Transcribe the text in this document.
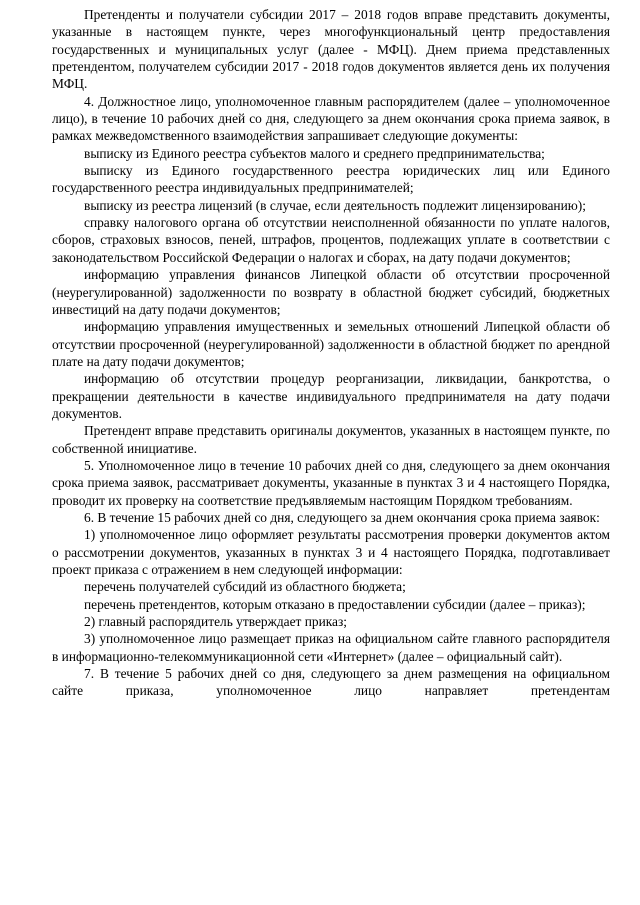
Претенденты и получатели субсидии 2017 – 2018 годов вправе представить документы, указанные в настоящем пункте, через многофункциональный центр предоставления государственных и муниципальных услуг (далее - МФЦ). Днем приема представленных претендентом, получателем субсидии 2017 - 2018 годов документов является день их получения МФЦ.

4. Должностное лицо, уполномоченное главным распорядителем (далее – уполномоченное лицо), в течение 10 рабочих дней со дня, следующего за днем окончания срока приема заявок, в рамках межведомственного взаимодействия запрашивает следующие документы:

выписку из Единого реестра субъектов малого и среднего предпринимательства;

выписку из Единого государственного реестра юридических лиц или Единого государственного реестра индивидуальных предпринимателей;

выписку из реестра лицензий (в случае, если деятельность подлежит лицензированию);

справку налогового органа об отсутствии неисполненной обязанности по уплате налогов, сборов, страховых взносов, пеней, штрафов, процентов, подлежащих уплате в соответствии с законодательством Российской Федерации о налогах и сборах, на дату подачи документов;

информацию управления финансов Липецкой области об отсутствии просроченной (неурегулированной) задолженности по возврату в областной бюджет субсидий, бюджетных инвестиций на дату подачи документов;

информацию управления имущественных и земельных отношений Липецкой области об отсутствии просроченной (неурегулированной) задолженности в областной бюджет по арендной плате на дату подачи документов;

информацию об отсутствии процедур реорганизации, ликвидации, банкротства, о прекращении деятельности в качестве индивидуального предпринимателя на дату подачи документов.

Претендент вправе представить оригиналы документов, указанных в настоящем пункте, по собственной инициативе.

5. Уполномоченное лицо в течение 10 рабочих дней со дня, следующего за днем окончания срока приема заявок, рассматривает документы, указанные в пунктах 3 и 4 настоящего Порядка, проводит их проверку на соответствие предъявляемым настоящим Порядком требованиям.

6. В течение 15 рабочих дней со дня, следующего за днем окончания срока приема заявок:

1) уполномоченное лицо оформляет результаты рассмотрения проверки документов актом о рассмотрении документов, указанных в пунктах 3 и 4 настоящего Порядка, подготавливает проект приказа с отражением в нем следующей информации:

перечень получателей субсидий из областного бюджета;

перечень претендентов, которым отказано в предоставлении субсидии (далее – приказ);

2) главный распорядитель утверждает приказ;

3) уполномоченное лицо размещает приказ на официальном сайте главного распорядителя в информационно-телекоммуникационной сети «Интернет» (далее – официальный сайт).

7. В течение 5 рабочих дней со дня, следующего за днем размещения на официальном сайте приказа, уполномоченное лицо направляет претендентам
